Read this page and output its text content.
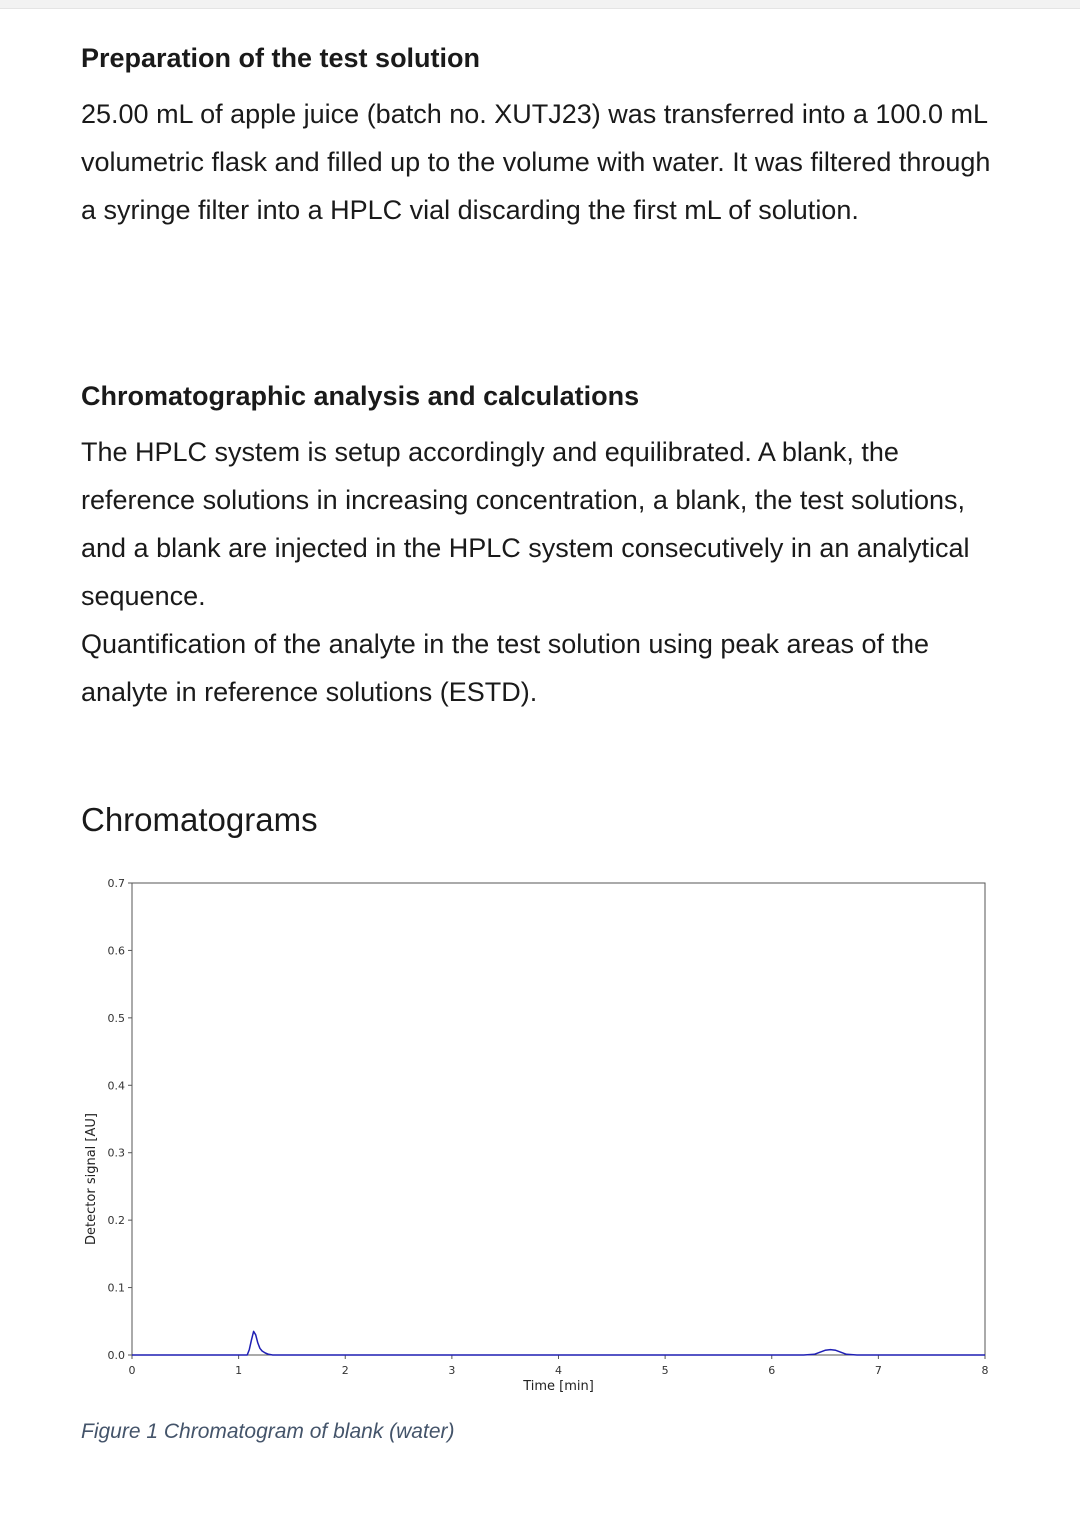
Preparation of the test solution

25.00 mL of apple juice (batch no. XUTJ23) was transferred into a 100.0 mL volumetric flask and filled up to the volume with water. It was filtered through a syringe filter into a HPLC vial discarding the first mL of solution.

Chromatographic analysis and calculations

The HPLC system is setup accordingly and equilibrated. A blank, the reference solutions in increasing concentration, a blank, the test solutions, and a blank are injected in the HPLC system consecutively in an analytical sequence.

Quantification of the analyte in the test solution using peak areas of the analyte in reference solutions (ESTD).

Chromatograms
0.0
0.1
0.2
0.3
0.4
0.5
0.6
0.7
0	1	2	3	4	5	6	7	8
Time [min]
Detector signal [AU]

Figure 1 Chromatogram of blank (water)
